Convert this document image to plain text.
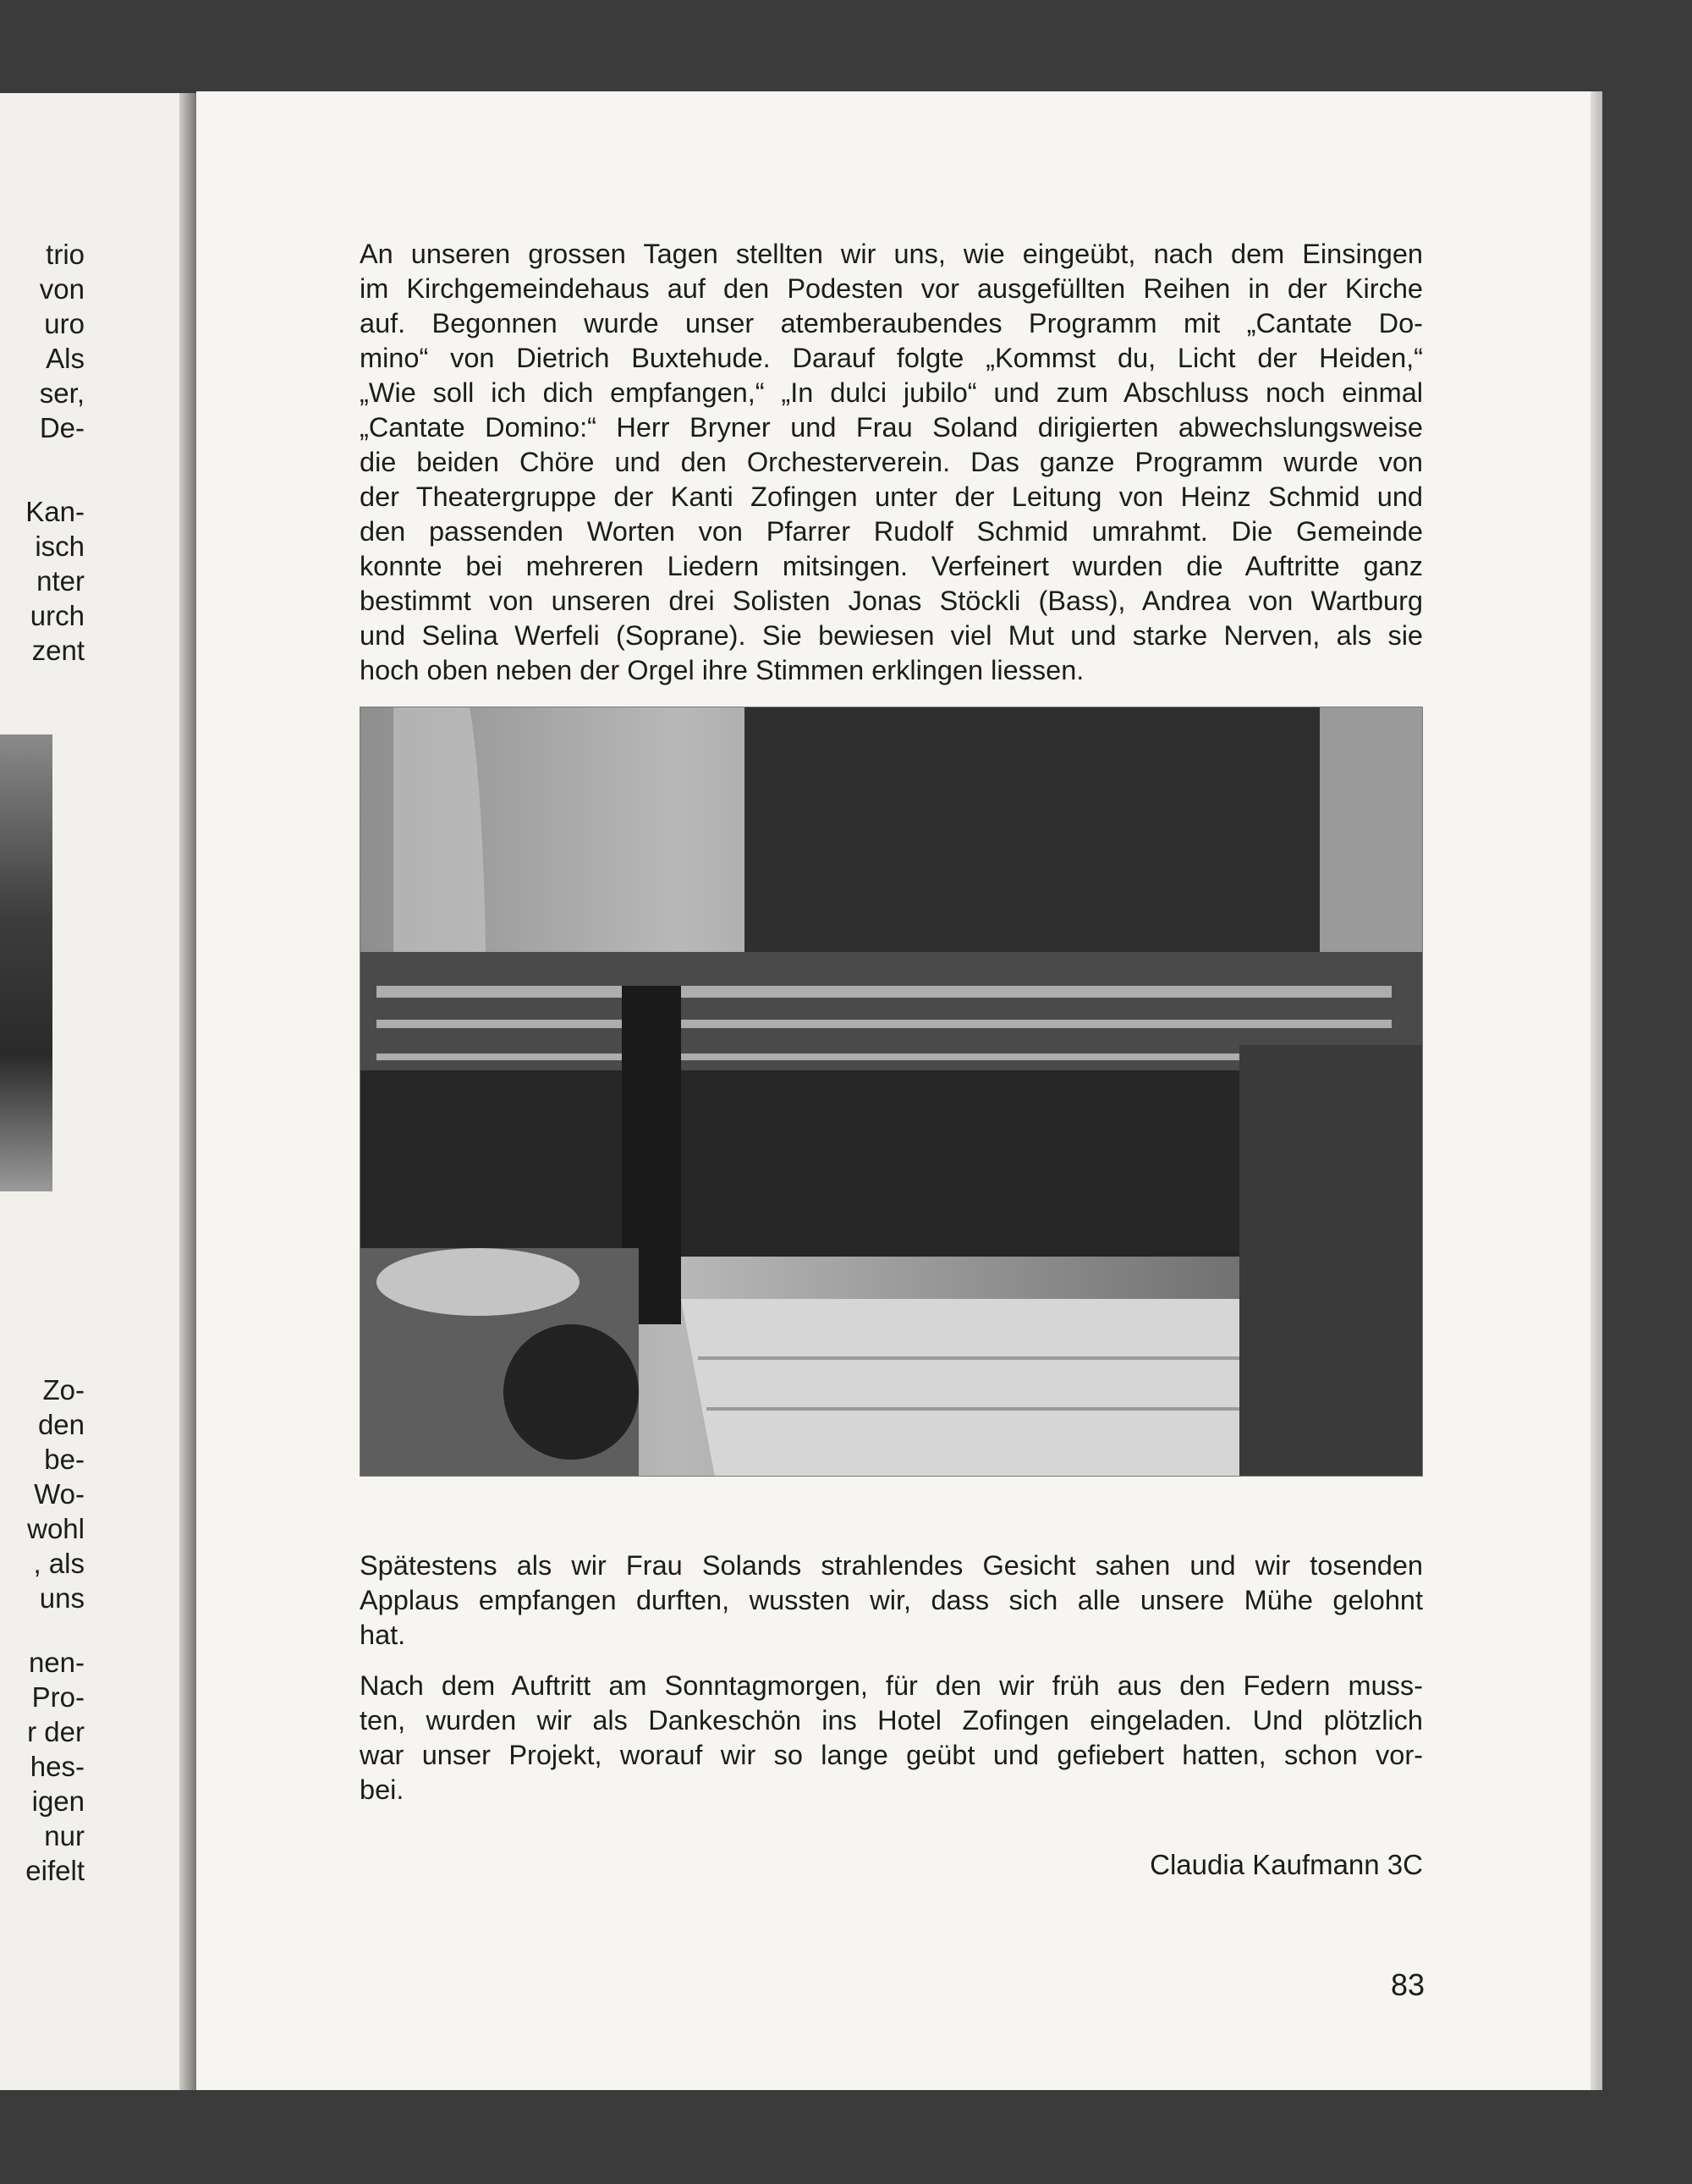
trio
von
uro
Als
ser,
De-
Kan-
isch
nter
urch
zent
Zo-
den
be-
Wo-
wohl
, als
uns
nen-
Pro-
r der
hes-
igen
nur
eifelt
An unseren grossen Tagen stellten wir uns, wie eingeübt, nach dem Einsingen
im Kirchgemeindehaus auf den Podesten vor ausgefüllten Reihen in der Kirche
auf. Begonnen wurde unser atemberaubendes Programm mit „Cantate Do-
mino“ von Dietrich Buxtehude. Darauf folgte „Kommst du, Licht der Heiden,“
„Wie soll ich dich empfangen,“ „In dulci jubilo“ und zum Abschluss noch einmal
„Cantate Domino:“ Herr Bryner und Frau Soland dirigierten abwechslungsweise
die beiden Chöre und den Orchesterverein. Das ganze Programm wurde von
der Theatergruppe der Kanti Zofingen unter der Leitung von Heinz Schmid und
den passenden Worten von Pfarrer Rudolf Schmid umrahmt. Die Gemeinde
konnte bei mehreren Liedern mitsingen. Verfeinert wurden die Auftritte ganz
bestimmt von unseren drei Solisten Jonas Stöckli (Bass), Andrea von Wartburg
und Selina Werfeli (Soprane). Sie bewiesen viel Mut und starke Nerven, als sie
hoch oben neben der Orgel ihre Stimmen erklingen liessen.
Spätestens als wir Frau Solands strahlendes Gesicht sahen und wir tosenden
Applaus empfangen durften, wussten wir, dass sich alle unsere Mühe gelohnt
hat.
Nach dem Auftritt am Sonntagmorgen, für den wir früh aus den Federn muss-
ten, wurden wir als Dankeschön ins Hotel Zofingen eingeladen. Und plötzlich
war unser Projekt, worauf wir so lange geübt und gefiebert hatten, schon vor-
bei.
Claudia Kaufmann 3C
83
